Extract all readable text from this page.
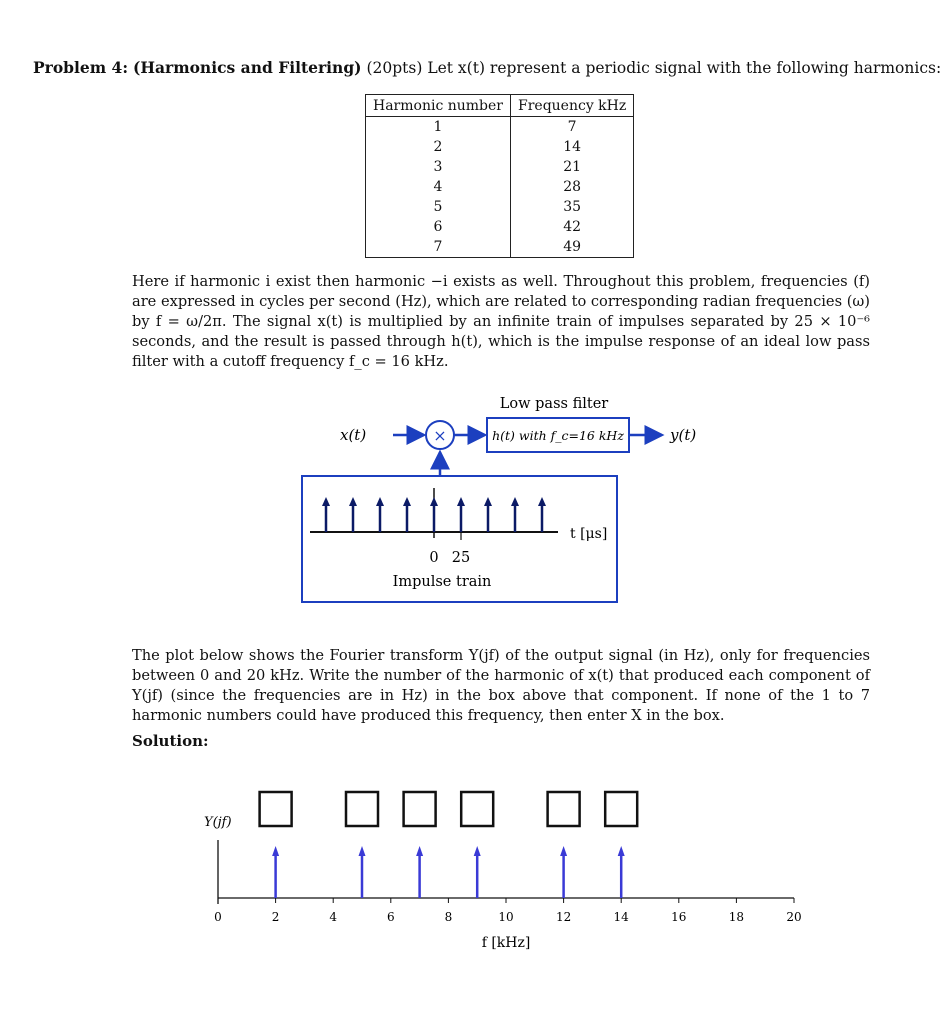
Problem 4: (Harmonics and Filtering) (20pts) Let x(t) represent a periodic signal with the following harmonics:
Harmonic number	Frequency kHz
1	7
2	14
3	21
4	28
5	35
6	42
7	49
Here if harmonic i exist then harmonic −i exists as well. Throughout this problem, frequencies (f) are expressed in cycles per second (Hz), which are related to corresponding radian frequencies (ω) by f = ω/2π. The signal x(t) is multiplied by an infinite train of impulses separated by 25 × 10⁻⁶ seconds, and the result is passed through h(t), which is the impulse response of an ideal low pass filter with a cutoff frequency f_c = 16 kHz.
x(t)	×
Low pass filter
h(t) with f_c=16 kHz	y(t)
t [μs]
0 25
Impulse train
The plot below shows the Fourier transform Y(jf) of the output signal (in Hz), only for frequencies between 0 and 20 kHz. Write the number of the harmonic of x(t) that produced each component of Y(jf) (since the frequencies are in Hz) in the box above that component. If none of the 1 to 7 harmonic numbers could have produced this frequency, then enter X in the box.
Solution:
Y(jf)
0	2	4	6	8	10	12	14	16	18	20
f [kHz]
